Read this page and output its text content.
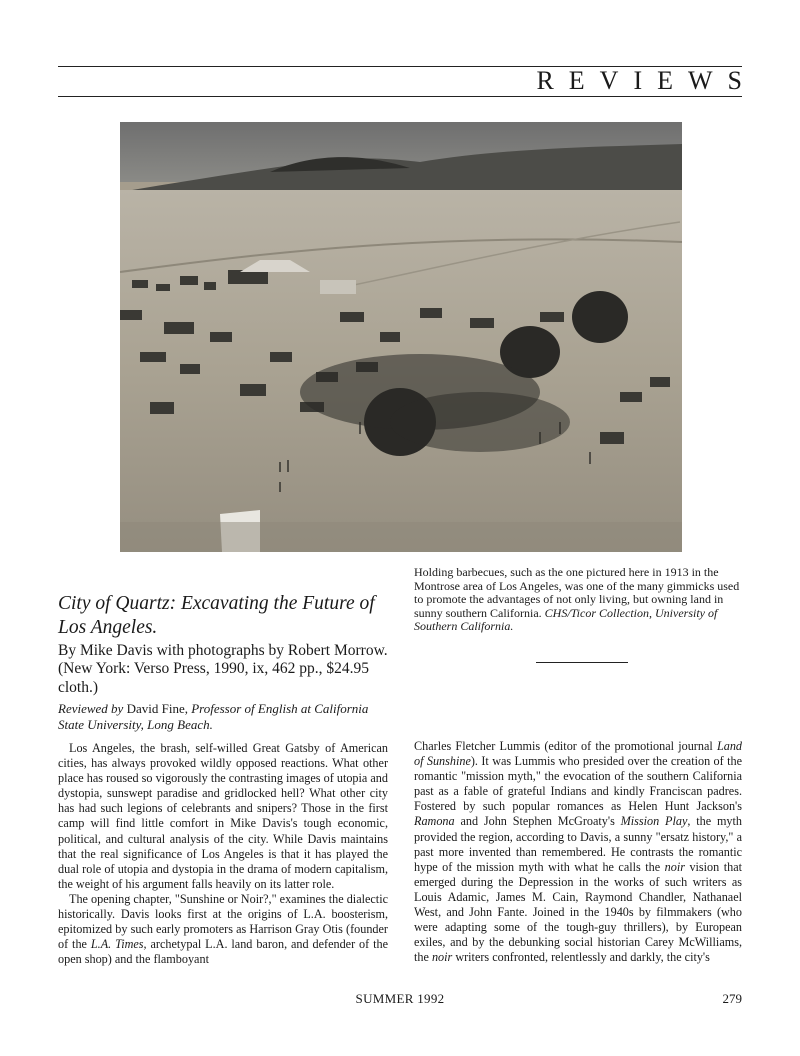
REVIEWS
Holding barbecues, such as the one pictured here in 1913 in the Montrose area of Los Angeles, was one of the many gimmicks used to promote the advantages of not only living, but owning land in sunny southern California. CHS/Ticor Collection, University of Southern California.
City of Quartz: Excavating the Future of Los Angeles.
By Mike Davis with photographs by Robert Morrow. (New York: Verso Press, 1990, ix, 462 pp., $24.95 cloth.)
Reviewed by David Fine, Professor of English at California State University, Long Beach.

Los Angeles, the brash, self-willed Great Gatsby of American cities, has always provoked wildly opposed reactions. What other place has roused so vigorously the contrasting images of utopia and dystopia, sunswept paradise and gridlocked hell? What other city has had such legions of celebrants and snipers? Those in the first camp will find little comfort in Mike Davis's tough economic, political, and cultural analysis of the city. While Davis maintains that the real significance of Los Angeles is that it has played the dual role of utopia and dystopia in the drama of modern capitalism, the weight of his argument falls heavily on its latter role.

The opening chapter, "Sunshine or Noir?," examines the dialectic historically. Davis looks first at the origins of L.A. boosterism, epitomized by such early promoters as Harrison Gray Otis (founder of the L.A. Times, archetypal L.A. land baron, and defender of the open shop) and the flamboyant

Charles Fletcher Lummis (editor of the promotional journal Land of Sunshine). It was Lummis who presided over the creation of the romantic "mission myth," the evocation of the southern California past as a fable of grateful Indians and kindly Franciscan padres. Fostered by such popular romances as Helen Hunt Jackson's Ramona and John Stephen McGroaty's Mission Play, the myth provided the region, according to Davis, a sunny "ersatz history," a past more invented than remembered. He contrasts the romantic hype of the mission myth with what he calls the noir vision that emerged during the Depression in the works of such writers as Louis Adamic, James M. Cain, Raymond Chandler, Nathanael West, and John Fante. Joined in the 1940s by filmmakers (who were adapting some of the tough-guy thrillers), by European exiles, and by the debunking social historian Carey McWilliams, the noir writers confronted, relentlessly and darkly, the city's

SUMMER 1992	279
